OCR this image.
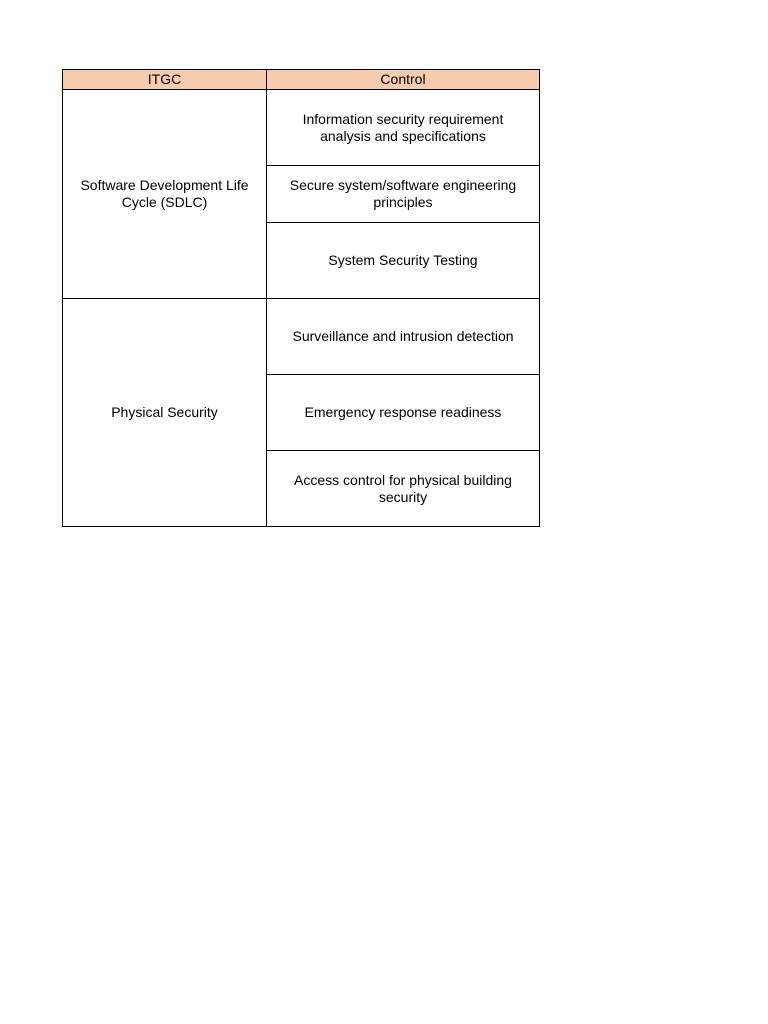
ITGC	Control
Software Development Life Cycle (SDLC)	Information security requirement analysis and specifications
	Secure system/software engineering principles
	System Security Testing
Physical Security	Surveillance and intrusion detection
	Emergency response readiness
	Access control for physical building security
